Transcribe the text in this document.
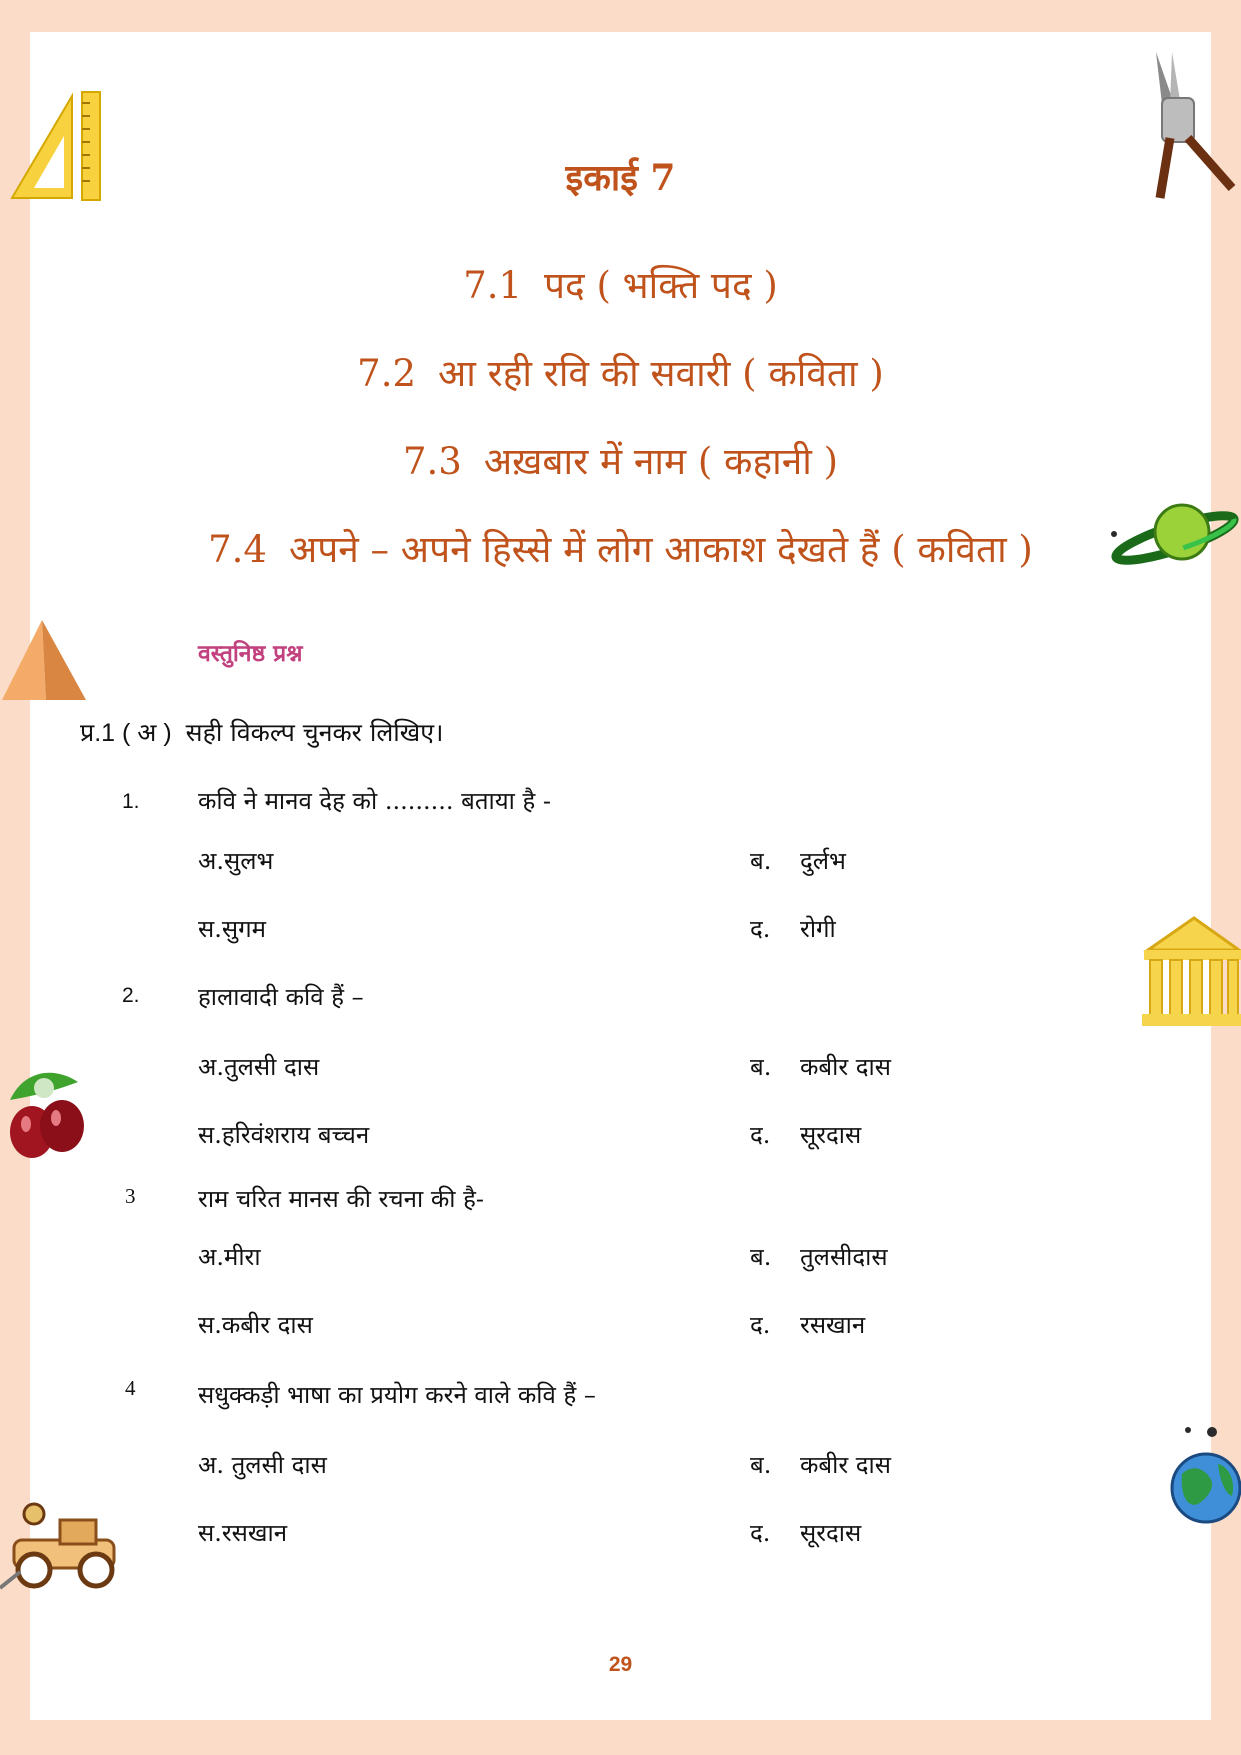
इकाई 7
7.1 पद ( भक्ति पद )
7.2 आ रही रवि की सवारी ( कविता )
7.3 अख़बार में नाम ( कहानी )
7.4 अपने – अपने हिस्से में लोग आकाश देखते हैं ( कविता )
वस्तुनिष्ठ प्रश्न
प्र.1 ( अ ) सही विकल्प चुनकर लिखिए।
1. कवि ने मानव देह को ......... बताया है -
अ.सुलभ	ब. दुर्लभ
स.सुगम	द. रोगी
2. हालावादी कवि हैं –
अ.तुलसी दास	ब. कबीर दास
स.हरिवंशराय बच्चन	द. सूरदास
3	राम चरित मानस की रचना की है-
अ.मीरा	ब. तुलसीदास
स.कबीर दास	द. रसखान
4	सधुक्कड़ी भाषा का प्रयोग करने वाले कवि हैं –
अ. तुलसी दास	ब. कबीर दास
स.रसखान	द. सूरदास
29
